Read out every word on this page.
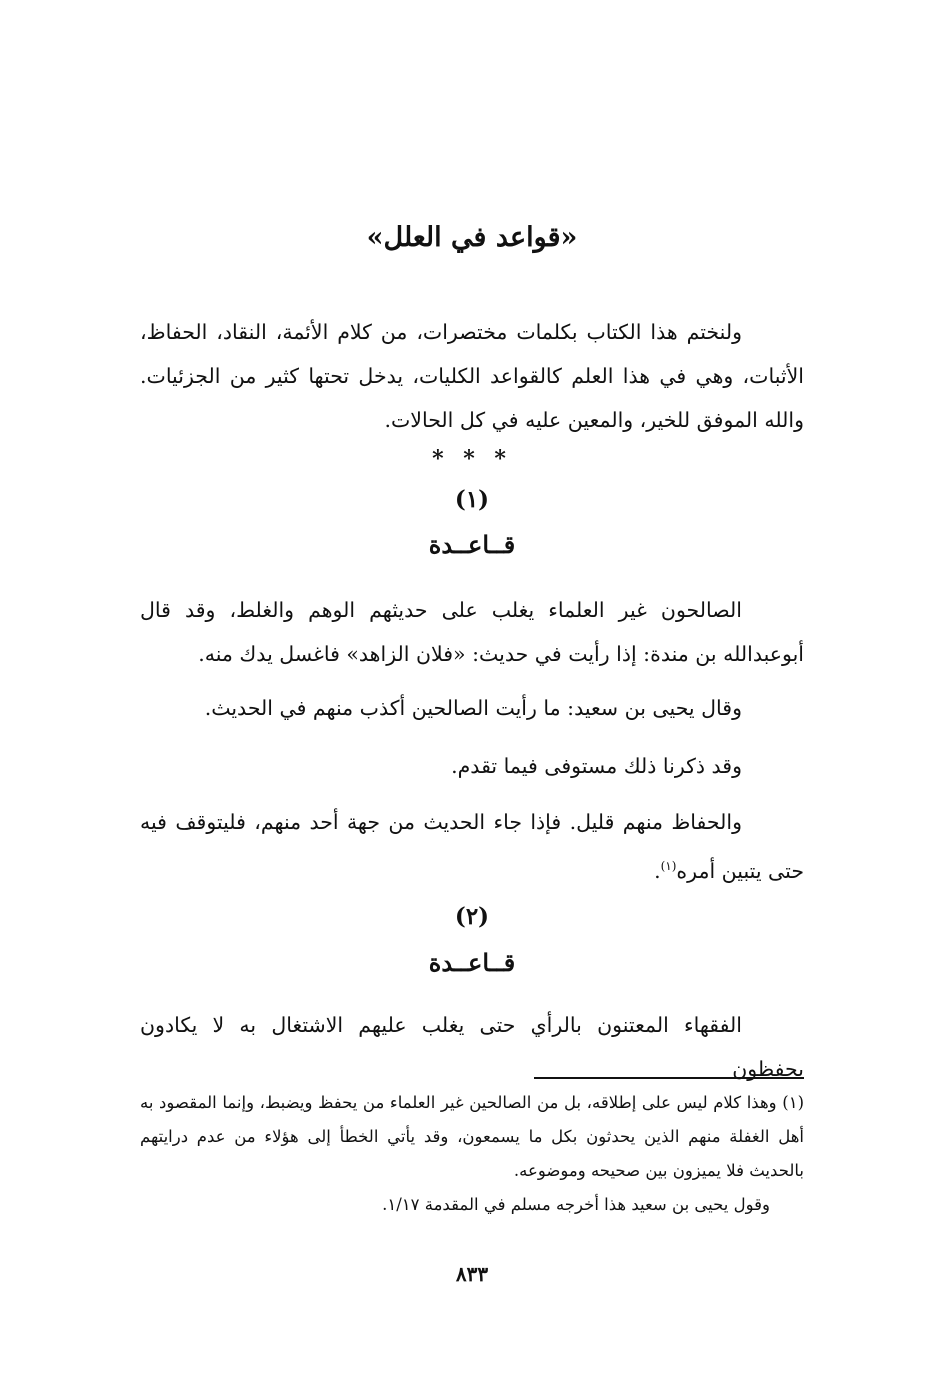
«قواعد في العلل»

ولنختم هذا الكتاب بكلمات مختصرات، من كلام الأئمة، النقاد، الحفاظ، الأثبات، وهي في هذا العلم كالقواعد الكليات، يدخل تحتها كثير من الجزئيات. والله الموفق للخير، والمعين عليه في كل الحالات.

* * *
(١)
قــاعــدة

الصالحون غير العلماء يغلب على حديثهم الوهم والغلط، وقد قال أبوعبدالله بن مندة: إذا رأيت في حديث: «فلان الزاهد» فاغسل يدك منه.

وقال يحيى بن سعيد: ما رأيت الصالحين أكذب منهم في الحديث.

وقد ذكرنا ذلك مستوفى فيما تقدم.

والحفاظ منهم قليل. فإذا جاء الحديث من جهة أحد منهم، فليتوقف فيه حتى يتبين أمره$^{(١)}$.

(٢)
قــاعــدة

الفقهاء المعتنون بالرأي حتى يغلب عليهم الاشتغال به لا يكادون يحفظون

(١) وهذا كلام ليس على إطلاقه، بل من الصالحين غير العلماء من يحفظ ويضبط، وإنما المقصود به أهل الغفلة منهم الذين يحدثون بكل ما يسمعون، وقد يأتي الخطأ إلى هؤلاء من عدم درايتهم بالحديث فلا يميزون بين صحيحه وموضوعه.

وقول يحيى بن سعيد هذا أخرجه مسلم في المقدمة ١/١٧.

٨٣٣
